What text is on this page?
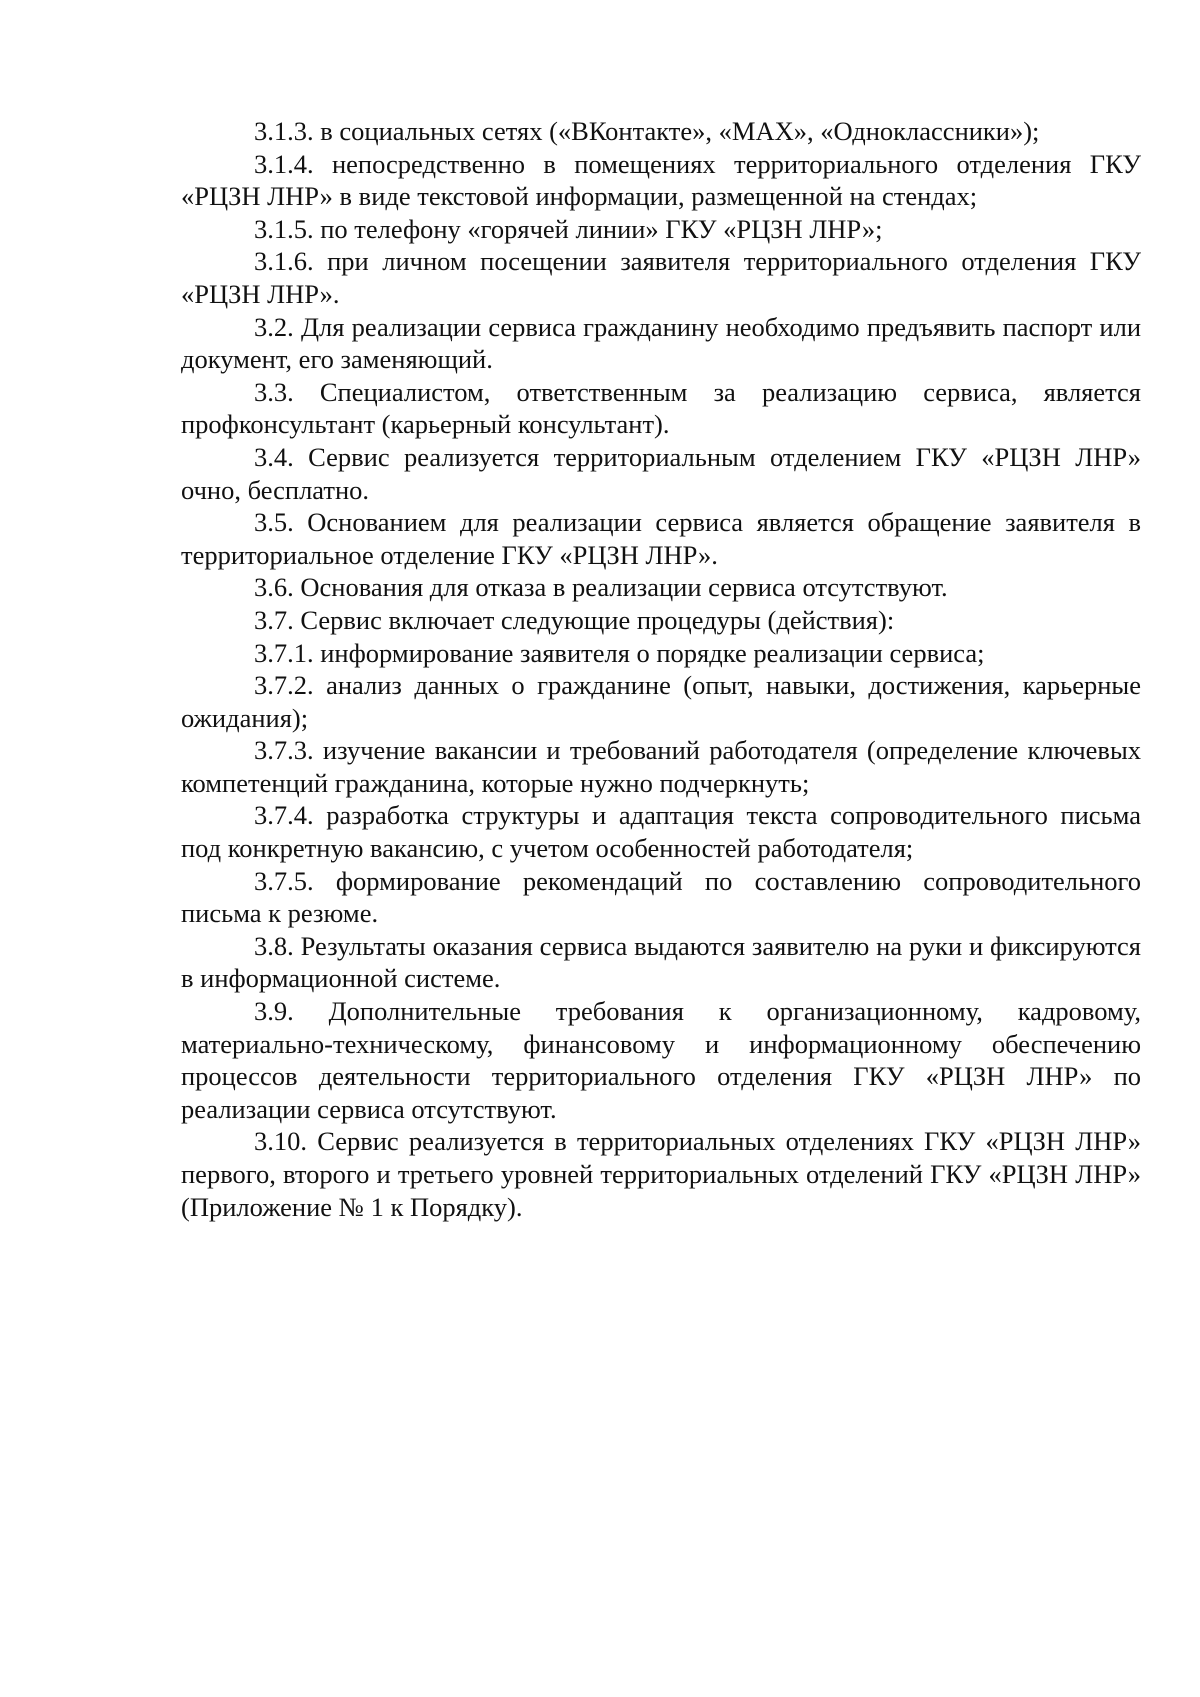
3.1.3. в социальных сетях («ВКонтакте», «MAX», «Одноклассники»);

3.1.4. непосредственно в помещениях территориального отделения ГКУ «РЦЗН ЛНР» в виде текстовой информации, размещенной на стендах;

3.1.5. по телефону «горячей линии» ГКУ «РЦЗН ЛНР»;

3.1.6. при личном посещении заявителя территориального отделения ГКУ «РЦЗН ЛНР».

3.2. Для реализации сервиса гражданину необходимо предъявить паспорт или документ, его заменяющий.

3.3. Специалистом, ответственным за реализацию сервиса, является профконсультант (карьерный консультант).

3.4. Сервис реализуется территориальным отделением ГКУ «РЦЗН ЛНР» очно, бесплатно.

3.5. Основанием для реализации сервиса является обращение заявителя в территориальное отделение ГКУ «РЦЗН ЛНР».

3.6. Основания для отказа в реализации сервиса отсутствуют.

3.7. Сервис включает следующие процедуры (действия):

3.7.1. информирование заявителя о порядке реализации сервиса;

3.7.2. анализ данных о гражданине (опыт, навыки, достижения, карьерные ожидания);

3.7.3. изучение вакансии и требований работодателя (определение ключевых компетенций гражданина, которые нужно подчеркнуть;

3.7.4. разработка структуры и адаптация текста сопроводительного письма под конкретную вакансию, с учетом особенностей работодателя;

3.7.5. формирование рекомендаций по составлению сопроводительного письма к резюме.

3.8. Результаты оказания сервиса выдаются заявителю на руки и фиксируются в информационной системе.

3.9. Дополнительные требования к организационному, кадровому, материально-техническому, финансовому и информационному обеспечению процессов деятельности территориального отделения ГКУ «РЦЗН ЛНР» по реализации сервиса отсутствуют.

3.10. Сервис реализуется в территориальных отделениях ГКУ «РЦЗН ЛНР» первого, второго и третьего уровней территориальных отделений ГКУ «РЦЗН ЛНР» (Приложение № 1 к Порядку).
